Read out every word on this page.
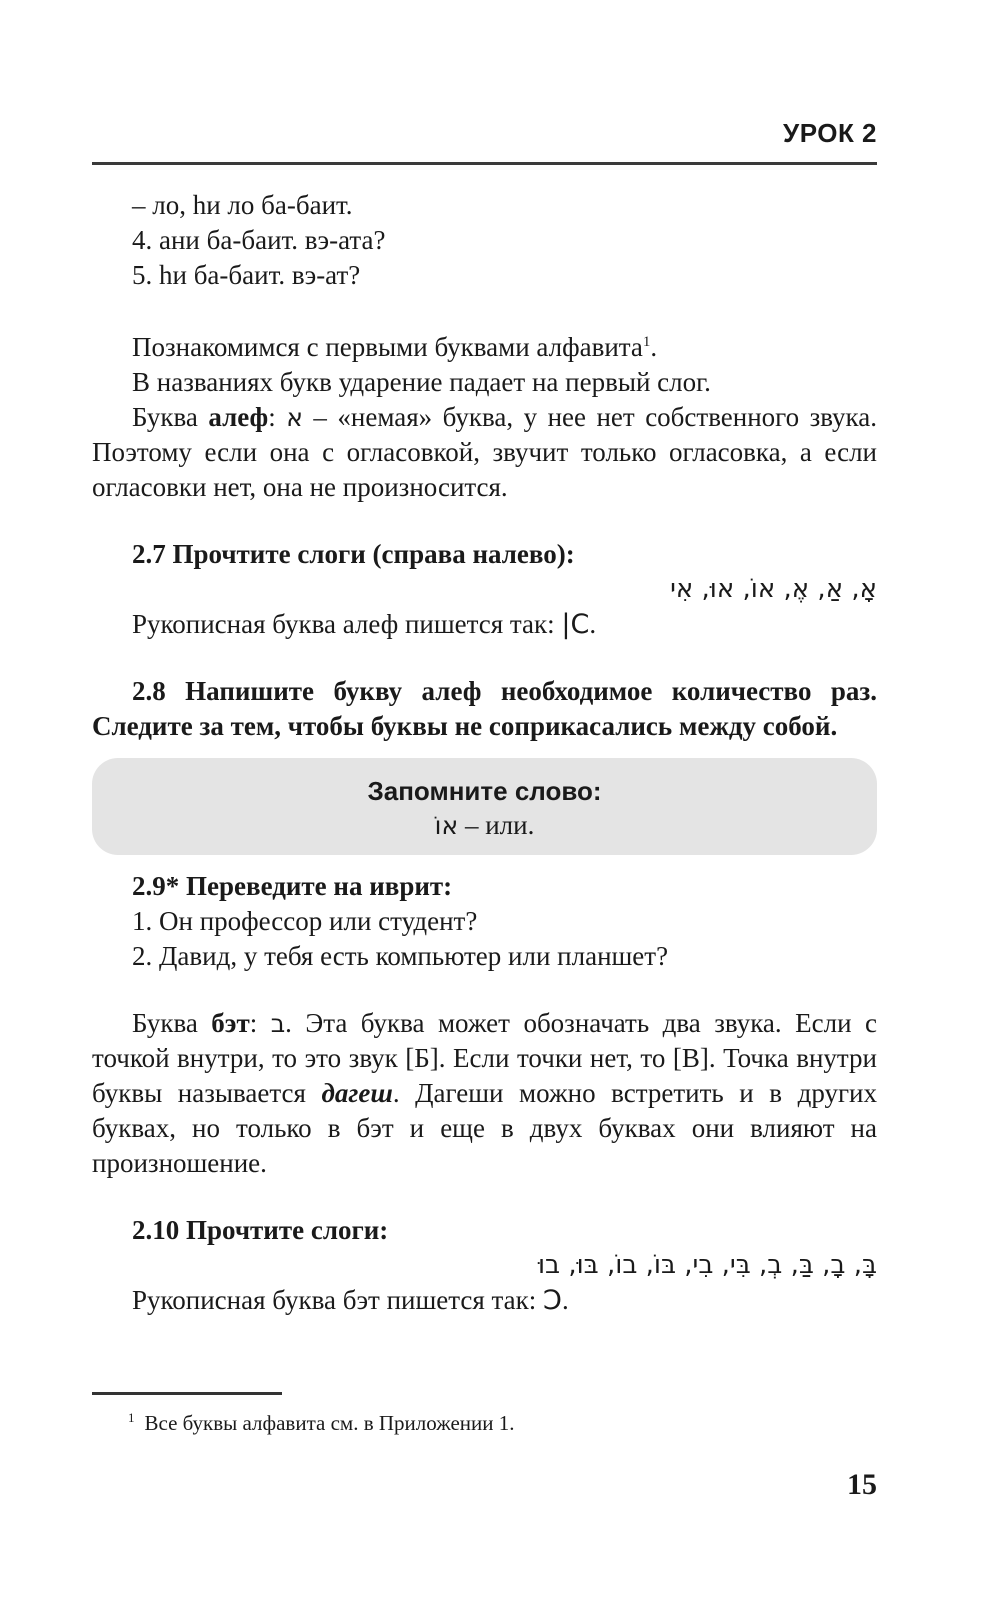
УРОК 2

– ло, hи ло ба-баит.

4. ани ба-баит. вэ-ата?

5. hи ба-баит. вэ-ат?

Познакомимся с первыми буквами алфавита$^1$.

В названиях букв ударение падает на первый слог.

Буква алеф: א – «немая» буква, у нее нет собственного звука. Поэтому если она с огласовкой, звучит только огласовка, а если огласовки нет, она не произносится.

2.7 Прочтите слоги (справа налево):

אָ, אַ, אֶ, אוֹ, אוּ, אִי

Рукописная буква алеф пишется так: |C.

2.8 Напишите букву алеф необходимое количество раз. Следите за тем, чтобы буквы не соприкасались между собой.

Запомните слово:
אוֹ – или.

2.9* Переведите на иврит:

1. Он профессор или студент?

2. Давид, у тебя есть компьютер или планшет?

Буква бэт: ב. Эта буква может обозначать два звука. Если с точкой внутри, то это звук [Б]. Если точки нет, то [В]. Точка внутри буквы называется дагеш. Дагеши можно встретить и в других буквах, но только в бэт и еще в двух буквах они влияют на произношение.

2.10 Прочтите слоги:

בָּ, בָ, בַּ, בְ, בִּי, בִי, בּוֹ, בוֹ, בּוּ, בוּ

Рукописная буква бэт пишется так: Ɔ.

$^1$ Все буквы алфавита см. в Приложении 1.
15
